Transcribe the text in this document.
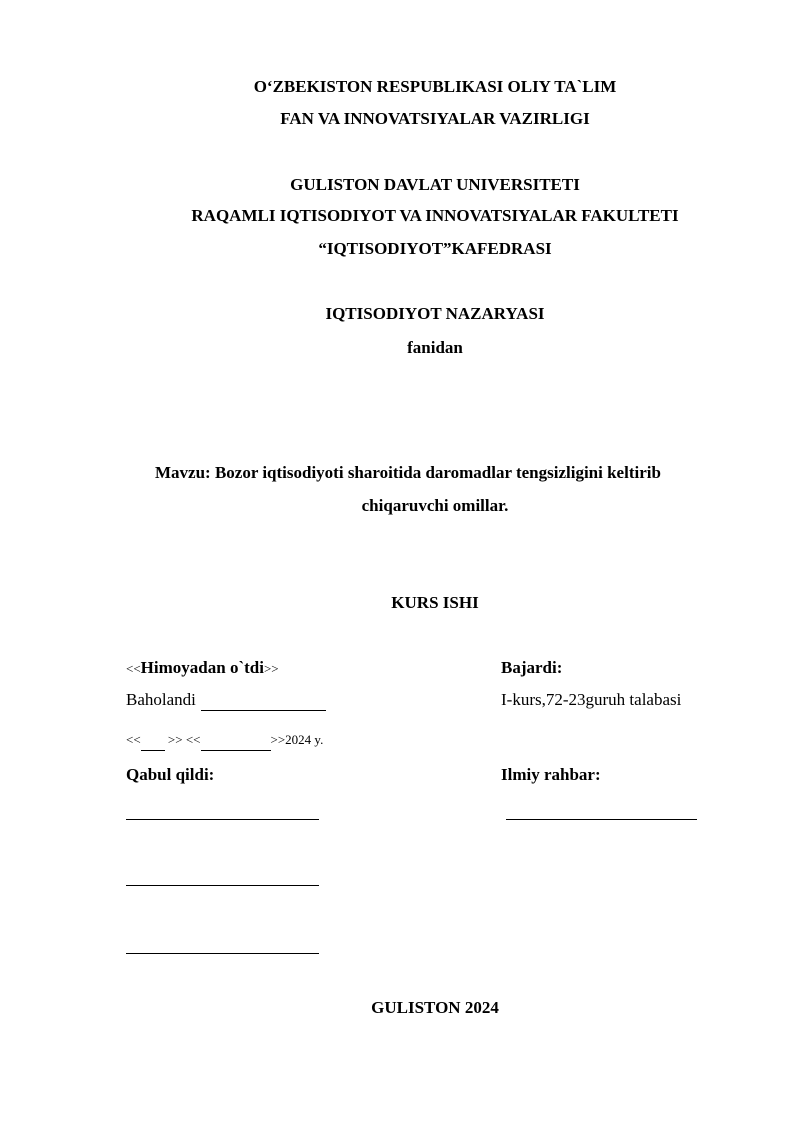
O‘ZBEKISTON RESPUBLIKASI OLIY TA`LIM
FAN VA INNOVATSIYALAR VAZIRLIGI
GULISTON DAVLAT UNIVERSITETI
RAQAMLI IQTISODIYOT VA INNOVATSIYALAR FAKULTETI
“IQTISODIYOT”KAFEDRASI
IQTISODIYOT NAZARYASI
fanidan
Mavzu: Bozor iqtisodiyoti sharoitida daromadlar tengsizligini keltirib
chiqaruvchi omillar.
KURS ISHI
<<Himoyadan o`tdi>>	Bajardi:
Baholandi	I-kurs,72-23guruh talabasi
<< >> <<	>>2024 y.
Qabul qildi:	Ilmiy rahbar:
GULISTON 2024
